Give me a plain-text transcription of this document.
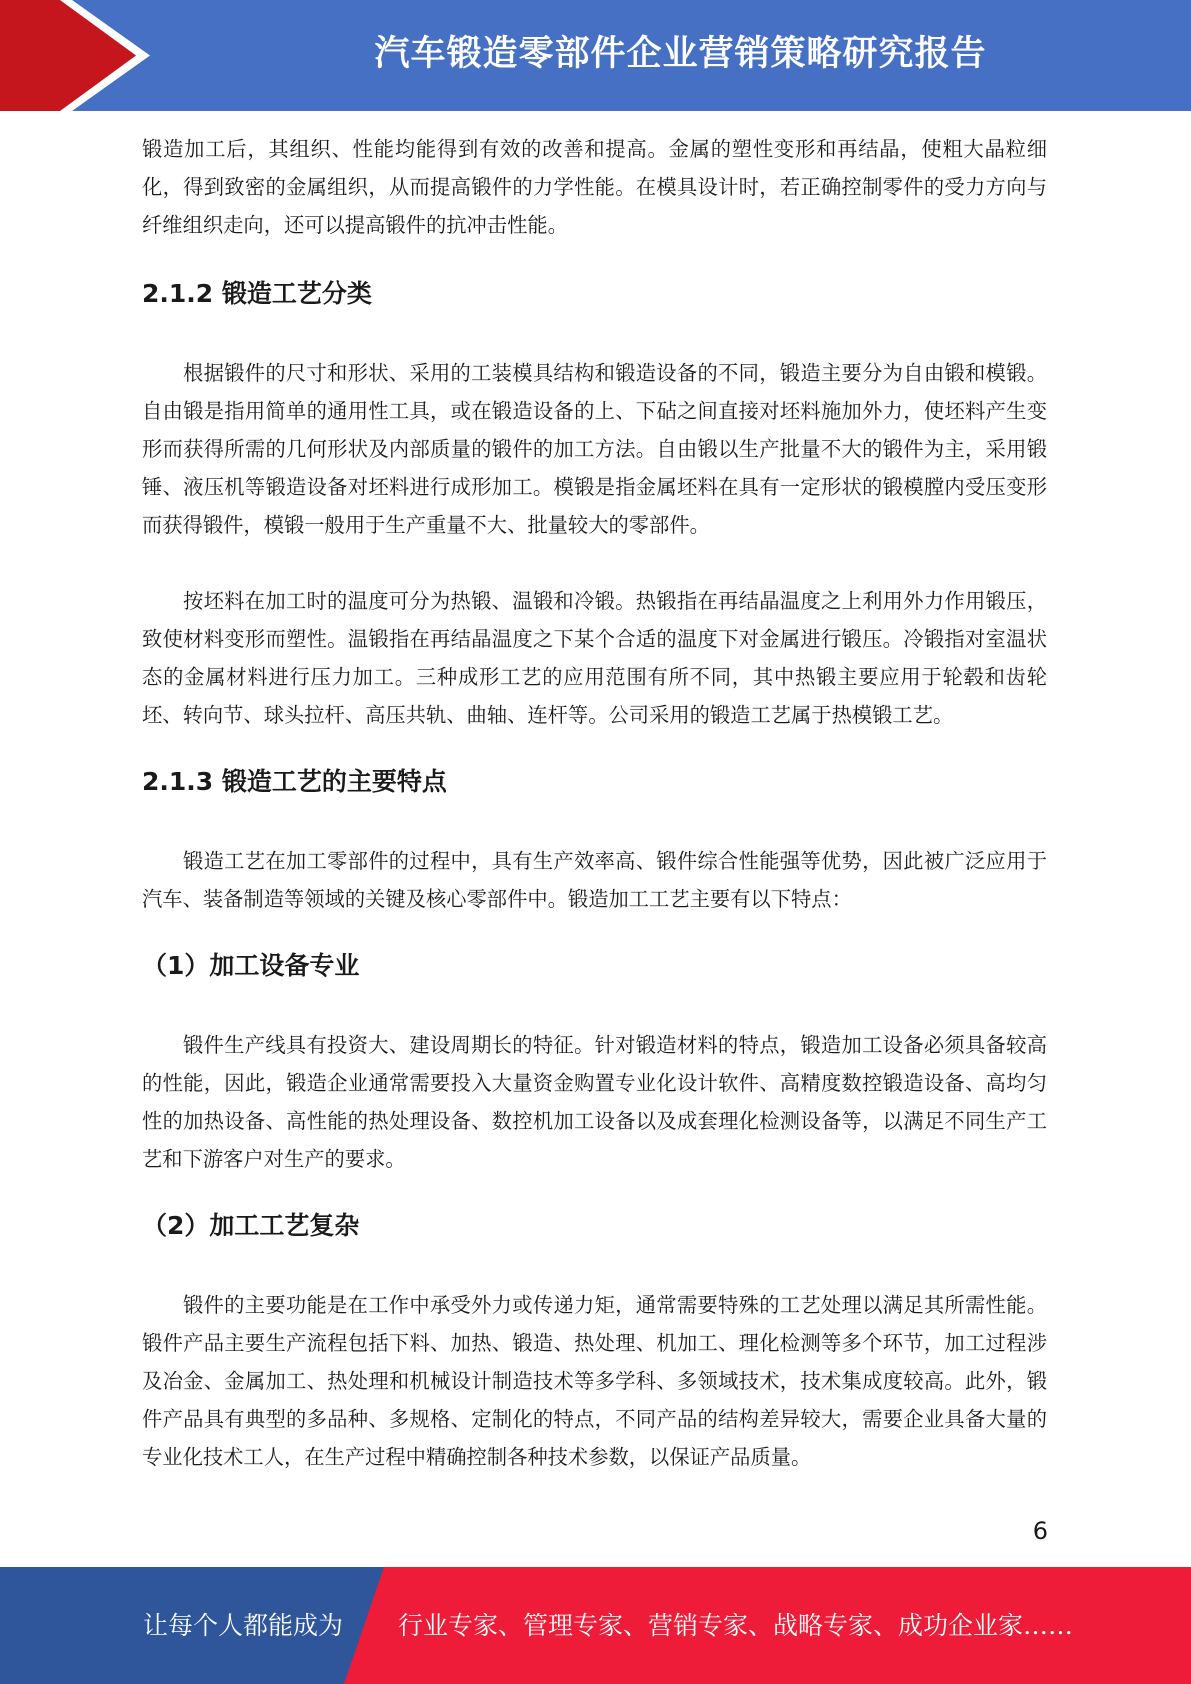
汽车锻造零部件企业营销策略研究报告

锻造加工后，其组织、性能均能得到有效的改善和提高。金属的塑性变形和再结晶，使粗大晶粒细化，得到致密的金属组织，从而提高锻件的力学性能。在模具设计时，若正确控制零件的受力方向与纤维组织走向，还可以提高锻件的抗冲击性能。

2.1.2 锻造工艺分类

根据锻件的尺寸和形状、采用的工装模具结构和锻造设备的不同，锻造主要分为自由锻和模锻。自由锻是指用简单的通用性工具，或在锻造设备的上、下砧之间直接对坯料施加外力，使坯料产生变形而获得所需的几何形状及内部质量的锻件的加工方法。自由锻以生产批量不大的锻件为主，采用锻锤、液压机等锻造设备对坯料进行成形加工。模锻是指金属坯料在具有一定形状的锻模膛内受压变形而获得锻件，模锻一般用于生产重量不大、批量较大的零部件。

按坯料在加工时的温度可分为热锻、温锻和冷锻。热锻指在再结晶温度之上利用外力作用锻压，致使材料变形而塑性。温锻指在再结晶温度之下某个合适的温度下对金属进行锻压。冷锻指对室温状态的金属材料进行压力加工。三种成形工艺的应用范围有所不同，其中热锻主要应用于轮毂和齿轮坯、转向节、球头拉杆、高压共轨、曲轴、连杆等。公司采用的锻造工艺属于热模锻工艺。

2.1.3 锻造工艺的主要特点

锻造工艺在加工零部件的过程中，具有生产效率高、锻件综合性能强等优势，因此被广泛应用于汽车、装备制造等领域的关键及核心零部件中。锻造加工工艺主要有以下特点：

（1）加工设备专业

锻件生产线具有投资大、建设周期长的特征。针对锻造材料的特点，锻造加工设备必须具备较高的性能，因此，锻造企业通常需要投入大量资金购置专业化设计软件、高精度数控锻造设备、高均匀性的加热设备、高性能的热处理设备、数控机加工设备以及成套理化检测设备等，以满足不同生产工艺和下游客户对生产的要求。

（2）加工工艺复杂

锻件的主要功能是在工作中承受外力或传递力矩，通常需要特殊的工艺处理以满足其所需性能。锻件产品主要生产流程包括下料、加热、锻造、热处理、机加工、理化检测等多个环节，加工过程涉及冶金、金属加工、热处理和机械设计制造技术等多学科、多领域技术，技术集成度较高。此外，锻件产品具有典型的多品种、多规格、定制化的特点，不同产品的结构差异较大，需要企业具备大量的专业化技术工人，在生产过程中精确控制各种技术参数，以保证产品质量。

6
让每个人都能成为 行业专家、管理专家、营销专家、战略专家、成功企业家……
